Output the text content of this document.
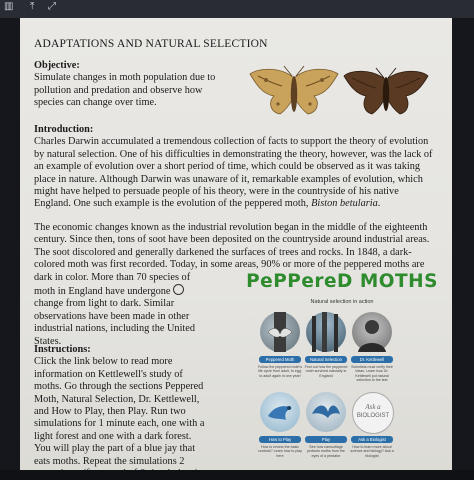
▥ ⤒ ⤢
ADAPTATIONS AND NATURAL SELECTION
Objective:
Simulate changes in moth population due to
pollution and predation and observe how
species can change over time.
Introduction:
Charles Darwin accumulated a tremendous collection of facts to support the theory of evolution
by natural selection. One of his difficulties in demonstrating the theory, however, was the lack of
an example of evolution over a short period of time, which could be observed as it was taking
place in nature. Although Darwin was unaware of it, remarkable examples of evolution, which
might have helped to persuade people of his theory, were in the countryside of his native
England. One such example is the evolution of the peppered moth, Biston betularia.
The economic changes known as the industrial revolution began in the middle of the eighteenth
century. Since then, tons of soot have been deposited on the countryside around industrial areas.
The soot discolored and generally darkened the surfaces of trees and rocks. In 1848, a dark-
colored moth was first recorded. Today, in some areas, 90% or more of the peppered moths are
dark in color. More than 70 species of
moth in England have undergone
change from light to dark. Similar
observations have been made in other
industrial nations, including the United
States.
Instructions:
Click the link below to read more
information on Kettlewell's study of
moths. Go through the sections Peppered
Moth, Natural Selection, Dr. Kettlewell,
and How to Play, then Play. Run two
simulations for 1 minute each, one with a
light forest and one with a dark forest.
You will play the part of a blue jay that
eats moths. Repeat the simulations 2
PePPereD MOTHS
Natural selection in action
Peppered Moth	Natural Selection	Dr. Kettlewell
Follow the peppered moth's life cycle from adult, to egg, to adult again in one year!
Find out how the peppered moth survived naturally in England
Scientists must verify their ideas. Learn how Dr. Kettlewell put natural selection to the test
Ask a
BIOLOGIST
How to Play	Play	Ask a Biologist
How to review the basic controls? Learn how to play here
See how camouflage protects moths from the eyes of a predator
How to learn more about science and biology? Ask a biologist
